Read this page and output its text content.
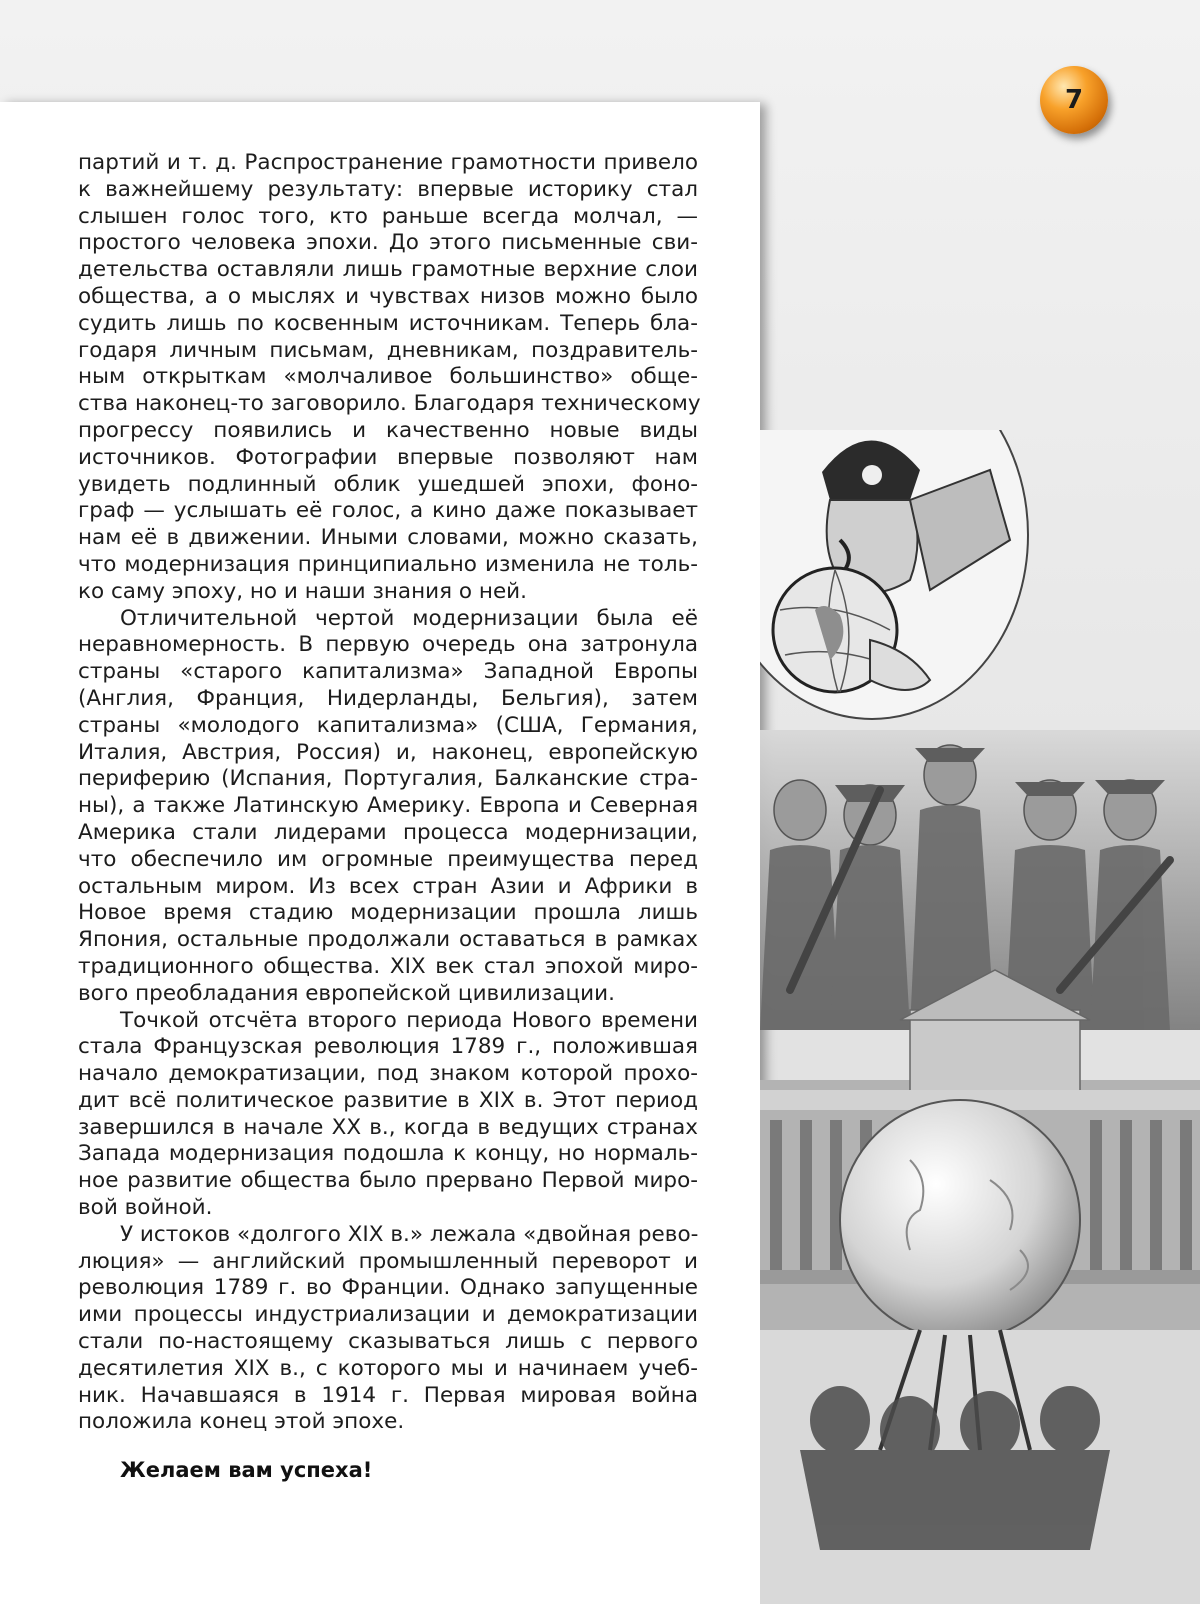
7
партий и т. д. Распространение грамотности привело
к важнейшему результату: впервые историку стал
слышен голос того, кто раньше всегда молчал, —
простого человека эпохи. До этого письменные сви-
детельства оставляли лишь грамотные верхние слои
общества, а о мыслях и чувствах низов можно было
судить лишь по косвенным источникам. Теперь бла-
годаря личным письмам, дневникам, поздравитель-
ным открыткам «молчаливое большинство» обще-
ства наконец-то заговорило. Благодаря техническому
прогрессу появились и качественно новые виды
источников. Фотографии впервые позволяют нам
увидеть подлинный облик ушедшей эпохи, фоно-
граф — услышать её голос, а кино даже показывает
нам её в движении. Иными словами, можно сказать,
что модернизация принципиально изменила не толь-
ко саму эпоху, но и наши знания о ней.
Отличительной чертой модернизации была её
неравномерность. В первую очередь она затронула
страны «старого капитализма» Западной Европы
(Англия, Франция, Нидерланды, Бельгия), затем
страны «молодого капитализма» (США, Германия,
Италия, Австрия, Россия) и, наконец, европейскую
периферию (Испания, Португалия, Балканские стра-
ны), а также Латинскую Америку. Европа и Северная
Америка стали лидерами процесса модернизации,
что обеспечило им огромные преимущества перед
остальным миром. Из всех стран Азии и Африки в
Новое время стадию модернизации прошла лишь
Япония, остальные продолжали оставаться в рамках
традиционного общества. XIX век стал эпохой миро-
вого преобладания европейской цивилизации.
Точкой отсчёта второго периода Нового времени
стала Французская революция 1789 г., положившая
начало демократизации, под знаком которой прохо-
дит всё политическое развитие в XIX в. Этот период
завершился в начале XX в., когда в ведущих странах
Запада модернизация подошла к концу, но нормаль-
ное развитие общества было прервано Первой миро-
вой войной.
У истоков «долгого XIX в.» лежала «двойная рево-
люция» — английский промышленный переворот и
революция 1789 г. во Франции. Однако запущенные
ими процессы индустриализации и демократизации
стали по-настоящему сказываться лишь с первого
десятилетия XIX в., с которого мы и начинаем учеб-
ник. Начавшаяся в 1914 г. Первая мировая война
положила конец этой эпохе.
Желаем вам успеха!
